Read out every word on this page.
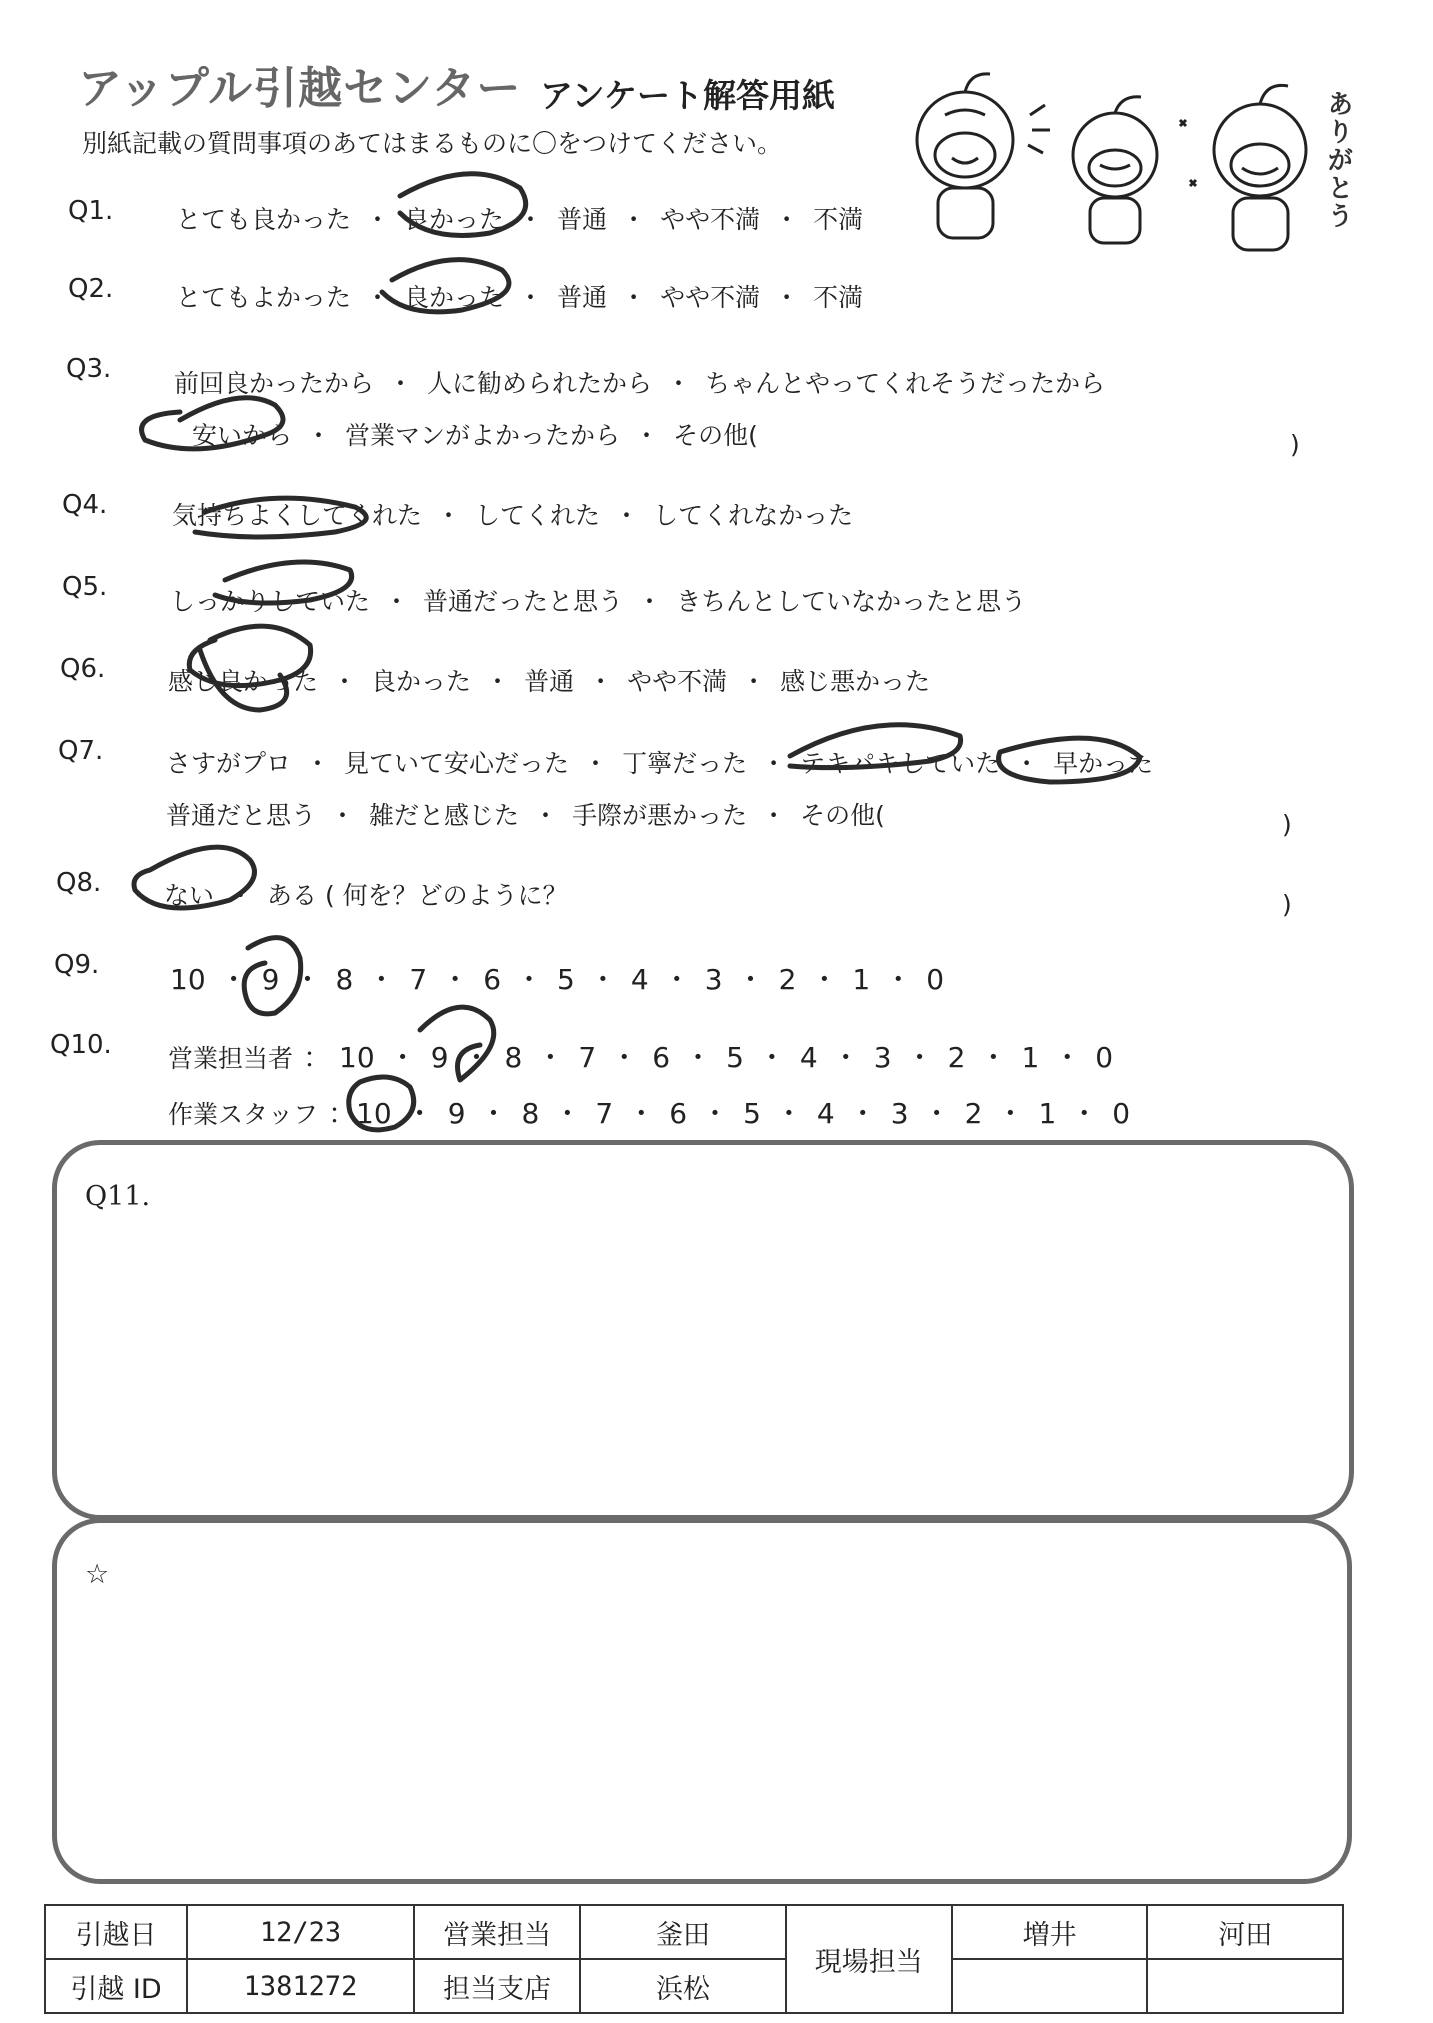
アップル引越センター アンケート解答用紙
別紙記載の質問事項のあてはまるものに〇をつけてください。	ありがとう
Q1.	とても良かった ・ 良かった ・ 普通 ・ やや不満 ・ 不満
Q2.	とてもよかった ・ 良かった ・ 普通 ・ やや不満 ・ 不満
Q3.	前回良かったから ・ 人に勧められたから ・ ちゃんとやってくれそうだったから
安いから ・ 営業マンがよかったから ・ その他(	)
Q4.	気持ちよくしてくれた ・ してくれた ・ してくれなかった
Q5.	しっかりしていた ・ 普通だったと思う ・ きちんとしていなかったと思う
Q6.	感じ良かった ・ 良かった ・ 普通 ・ やや不満 ・ 感じ悪かった
Q7.	さすがプロ ・ 見ていて安心だった ・ 丁寧だった ・ テキパキしていた ・ 早かった
普通だと思う ・ 雑だと感じた ・ 手際が悪かった ・ その他(	)
Q8.	ない ・ ある ( 何を？どのように？	)
Q9.	10 ・ 9 ・ 8 ・ 7 ・ 6 ・ 5 ・ 4 ・ 3 ・ 2 ・ 1 ・ 0
Q10. 営業担当者 ： 10 ・ 9 ・ 8 ・ 7 ・ 6 ・ 5 ・ 4 ・ 3 ・ 2 ・ 1 ・ 0
作業スタッフ ：10 ・ 9 ・ 8 ・ 7 ・ 6 ・ 5 ・ 4 ・ 3 ・ 2 ・ 1 ・ 0
Q11.
☆
引越日	12/23	営業担当	釜田	現場担当	増井	河田
引越 ID	1381272	担当支店	浜松			
